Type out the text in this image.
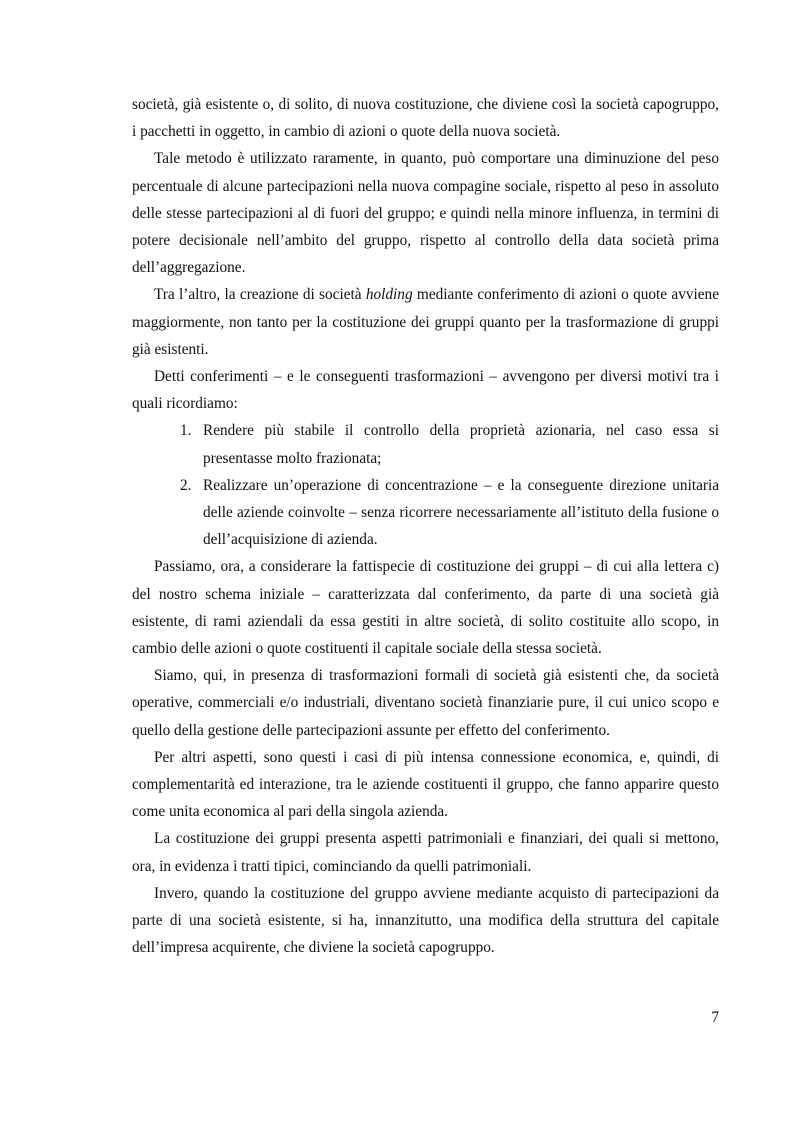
società, già esistente o, di solito, di nuova costituzione, che diviene così la società capogruppo, i pacchetti in oggetto, in cambio di azioni o quote della nuova società.

Tale metodo è utilizzato raramente, in quanto, può comportare una diminuzione del peso percentuale di alcune partecipazioni nella nuova compagine sociale, rispetto al peso in assoluto delle stesse partecipazioni al di fuori del gruppo; e quindi nella minore influenza, in termini di potere decisionale nell’ambito del gruppo, rispetto al controllo della data società prima dell’aggregazione.

Tra l’altro, la creazione di società holding mediante conferimento di azioni o quote avviene maggiormente, non tanto per la costituzione dei gruppi quanto per la trasformazione di gruppi già esistenti.

Detti conferimenti – e le conseguenti trasformazioni – avvengono per diversi motivi tra i quali ricordiamo:

1. Rendere più stabile il controllo della proprietà azionaria, nel caso essa si presentasse molto frazionata;
2. Realizzare un’operazione di concentrazione – e la conseguente direzione unitaria delle aziende coinvolte – senza ricorrere necessariamente all’istituto della fusione o dell’acquisizione di azienda.

Passiamo, ora, a considerare la fattispecie di costituzione dei gruppi – di cui alla lettera c) del nostro schema iniziale – caratterizzata dal conferimento, da parte di una società già esistente, di rami aziendali da essa gestiti in altre società, di solito costituite allo scopo, in cambio delle azioni o quote costituenti il capitale sociale della stessa società.

Siamo, qui, in presenza di trasformazioni formali di società già esistenti che, da società operative, commerciali e/o industriali, diventano società finanziarie pure, il cui unico scopo e quello della gestione delle partecipazioni assunte per effetto del conferimento.

Per altri aspetti, sono questi i casi di più intensa connessione economica, e, quindi, di complementarità ed interazione, tra le aziende costituenti il gruppo, che fanno apparire questo come unita economica al pari della singola azienda.

La costituzione dei gruppi presenta aspetti patrimoniali e finanziari, dei quali si mettono, ora, in evidenza i tratti tipici, cominciando da quelli patrimoniali.

Invero, quando la costituzione del gruppo avviene mediante acquisto di partecipazioni da parte di una società esistente, si ha, innanzitutto, una modifica della struttura del capitale dell’impresa acquirente, che diviene la società capogruppo.

7
